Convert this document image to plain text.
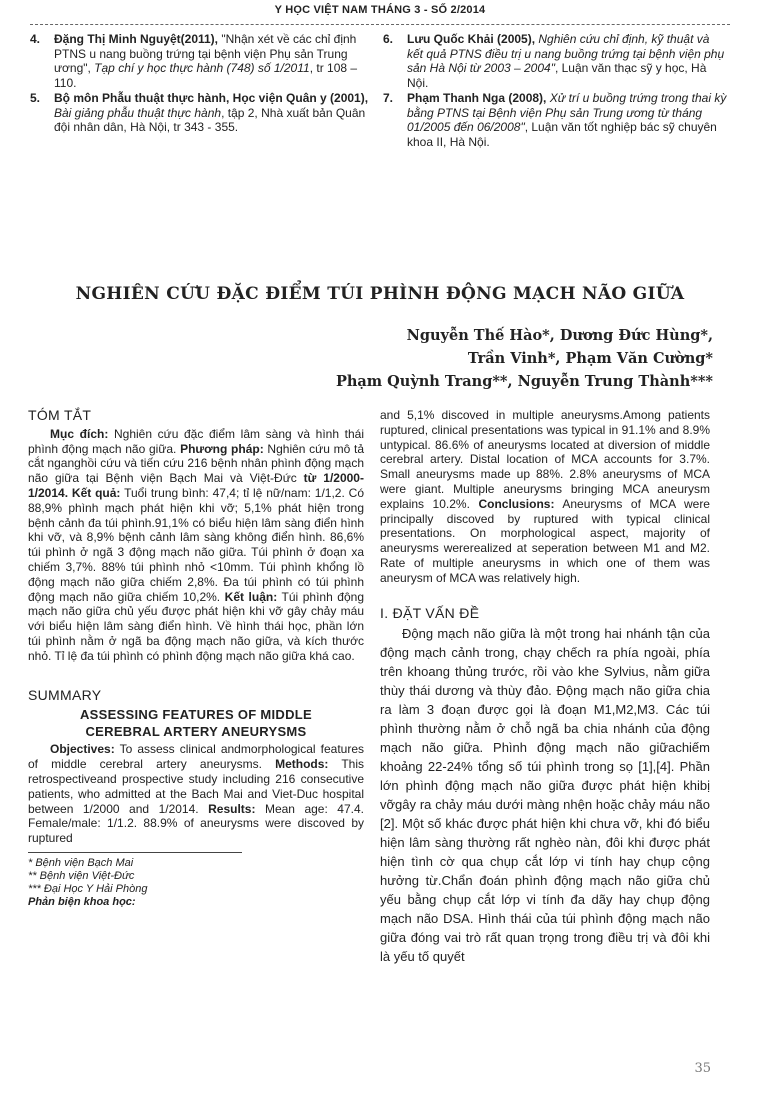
Y HỌC VIỆT NAM THÁNG 3 - SỐ 2/2014
4.	Đặng Thị Minh Nguyệt(2011), "Nhận xét về các chỉ định PTNS u nang buồng trứng tại bệnh viện Phụ sản Trung ương", Tạp chí y học thực hành (748) số 1/2011, tr 108 – 110.
5.	Bộ môn Phẫu thuật thực hành, Học viện Quân y (2001), Bài giảng phẫu thuật thực hành, tập 2, Nhà xuất bản Quân đội nhân dân, Hà Nội, tr 343 - 355.
6.	Lưu Quốc Khải (2005), Nghiên cứu chỉ định, kỹ thuật và kết quả PTNS điều trị u nang buồng trứng tại bệnh viện phụ sản Hà Nội từ 2003 – 2004", Luận văn thạc sỹ y học, Hà Nội.
7.	Phạm Thanh Nga (2008), Xử trí u buồng trứng trong thai kỳ bằng PTNS tại Bệnh viện Phụ sản Trung ương từ tháng 01/2005 đến 06/2008", Luận văn tốt nghiệp bác sỹ chuyên khoa II, Hà Nội.
NGHIÊN CỨU ĐẶC ĐIỂM TÚI PHÌNH ĐỘNG MẠCH NÃO GIỮA
Nguyễn Thế Hào*, Dương Đức Hùng*,
Trần Vinh*, Phạm Văn Cường*
Phạm Quỳnh Trang**, Nguyễn Trung Thành***
TÓM TẮT

Mục đích: Nghiên cứu đặc điểm lâm sàng và hình thái phình động mạch não giữa. Phương pháp: Nghiên cứu mô tả cắt nganghồi cứu và tiến cứu 216 bệnh nhân phình động mạch não giữa tại Bệnh viện Bạch Mai và Việt-Đức từ 1/2000- 1/2014. Kết quả: Tuổi trung bình: 47,4; tỉ lệ nữ/nam: 1/1,2. Có 88,9% phình mạch phát hiện khi vỡ; 5,1% phát hiện trong bệnh cảnh đa túi phình.91,1% có biểu hiện lâm sàng điển hình khi vỡ, và 8,9% bệnh cảnh lâm sàng không điển hình. 86,6% túi phình ở ngã 3 động mạch não giữa. Túi phình ở đoạn xa chiếm 3,7%. 88% túi phình nhỏ <10mm. Túi phình khổng lồ động mạch não giữa chiếm 2,8%. Đa túi phình có túi phình động mạch não giữa chiếm 10,2%. Kết luận: Túi phình động mạch não giữa chủ yếu được phát hiện khi vỡ gây chảy máu với biểu hiện lâm sàng điển hình. Về hình thái học, phần lớn túi phình nằm ở ngã ba động mạch não giữa, và kích thước nhỏ. Tỉ lệ đa túi phình có phình động mạch não giữa khá cao.

SUMMARY
ASSESSING FEATURES OF MIDDLE
CEREBRAL ARTERY ANEURYSMS

Objectives: To assess clinical andmorphological features of middle cerebral artery aneurysms. Methods: This retrospectiveand prospective study including 216 consecutive patients, who admitted at the Bach Mai and Viet-Duc hospital between 1/2000 and 1/2014. Results: Mean age: 47.4. Female/male: 1/1.2. 88.9% of aneurysms were discoved by ruptured

* Bệnh viện Bạch Mai
** Bệnh viện Việt-Đức
*** Đại Học Y Hải Phòng
Phản biện khoa học:

and 5,1% discoved in multiple aneurysms.Among patients ruptured, clinical presentations was typical in 91.1% and 8.9% untypical. 86.6% of aneurysms located at diversion of middle cerebral artery. Distal location of MCA accounts for 3.7%. Small aneurysms made up 88%. 2.8% aneurysms of MCA were giant. Multiple aneurysms bringing MCA aneurysm explains 10.2%. Conclusions: Aneurysms of MCA were principally discoved by ruptured with typical clinical presentations. On morphological aspect, majority of aneurysms wererealized at seperation between M1 and M2. Rate of multiple aneurysms in which one of them was aneurysm of MCA was relatively high.

I. ĐẶT VẤN ĐỀ

Động mạch não giữa là một trong hai nhánh tận của động mạch cảnh trong, chạy chếch ra phía ngoài, phía trên khoang thủng trước, rồi vào khe Sylvius, nằm giữa thùy thái dương và thùy đảo. Động mạch não giữa chia ra làm 3 đoạn được gọi là đoạn M1,M2,M3. Các túi phình thường nằm ở chỗ ngã ba chia nhánh của động mạch não giữa. Phình động mạch não giữachiếm khoảng 22-24% tổng số túi phình trong sọ [1],[4]. Phần lớn phình động mạch não giữa được phát hiện khibị vỡgây ra chảy máu dưới màng nhện hoặc chảy máu não [2]. Một số khác được phát hiện khi chưa vỡ, khi đó biểu hiện lâm sàng thường rất nghèo nàn, đôi khi được phát hiện tình cờ qua chụp cắt lớp vi tính hay chụp cộng hưởng từ.Chẩn đoán phình động mạch não giữa chủ yếu bằng chụp cắt lớp vi tính đa dãy hay chụp động mạch não DSA. Hình thái của túi phình động mạch não giữa đóng vai trò rất quan trọng trong điều trị và đôi khi là yếu tố quyết

35
